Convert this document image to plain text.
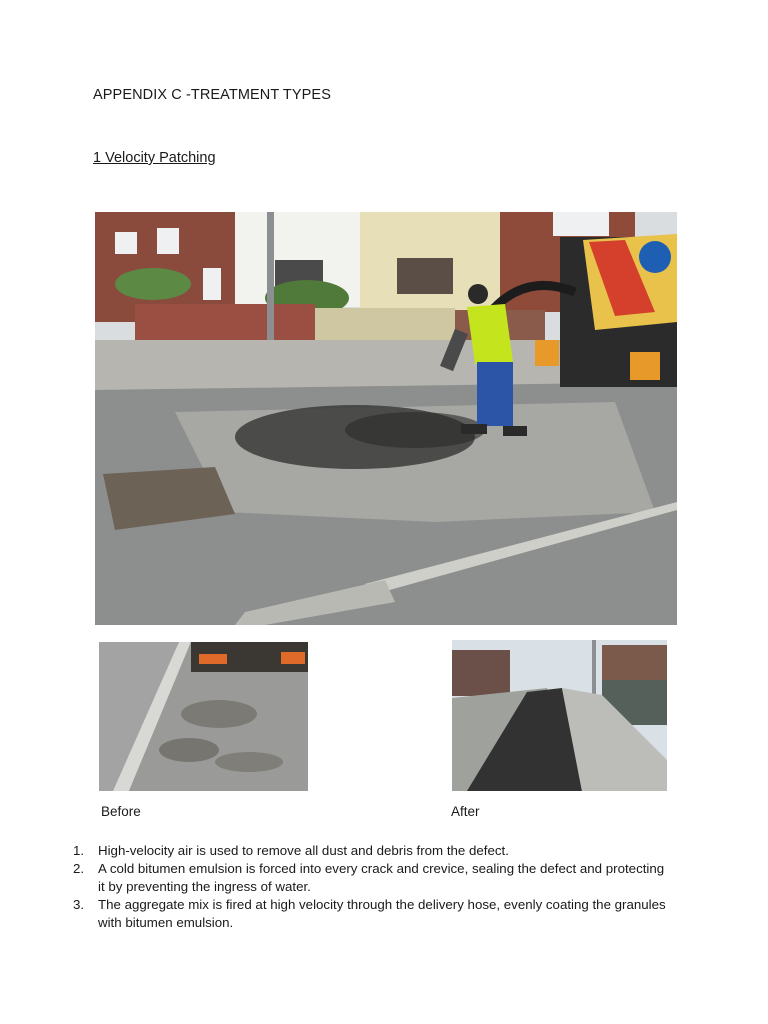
APPENDIX C -TREATMENT TYPES
1 Velocity Patching
Before	After
1. High-velocity air is used to remove all dust and debris from the defect.
2. A cold bitumen emulsion is forced into every crack and crevice, sealing the defect and protecting it by preventing the ingress of water.
3. The aggregate mix is fired at high velocity through the delivery hose, evenly coating the granules with bitumen emulsion.
